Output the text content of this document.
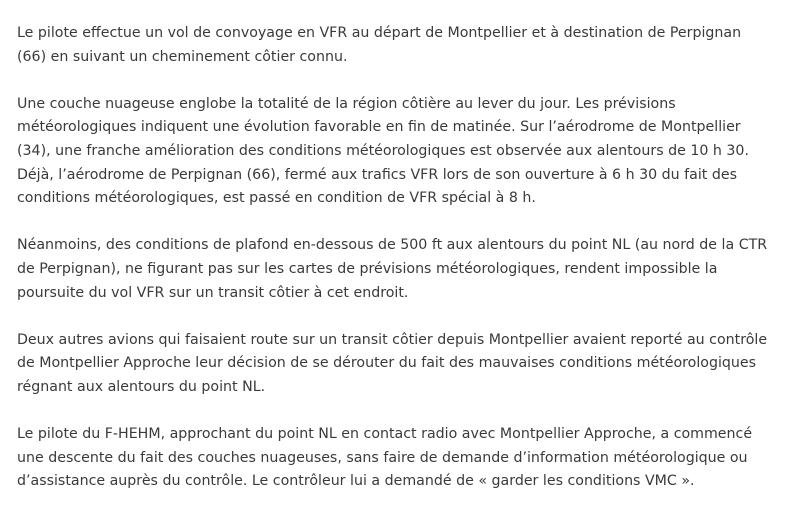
Le pilote effectue un vol de convoyage en VFR au départ de Montpellier et à destination de Perpignan (66) en suivant un cheminement côtier connu.

Une couche nuageuse englobe la totalité de la région côtière au lever du jour. Les prévisions météorologiques indiquent une évolution favorable en fin de matinée. Sur l’aérodrome de Montpellier (34), une franche amélioration des conditions météorologiques est observée aux alentours de 10 h 30. Déjà, l’aérodrome de Perpignan (66), fermé aux trafics VFR lors de son ouverture à 6 h 30 du fait des conditions météorologiques, est passé en condition de VFR spécial à 8 h.

Néanmoins, des conditions de plafond en-dessous de 500 ft aux alentours du point NL (au nord de la CTR de Perpignan), ne figurant pas sur les cartes de prévisions météorologiques, rendent impossible la poursuite du vol VFR sur un transit côtier à cet endroit.

Deux autres avions qui faisaient route sur un transit côtier depuis Montpellier avaient reporté au contrôle de Montpellier Approche leur décision de se dérouter du fait des mauvaises conditions météorologiques régnant aux alentours du point NL.

Le pilote du F-HEHM, approchant du point NL en contact radio avec Montpellier Approche, a commencé une descente du fait des couches nuageuses, sans faire de demande d’information météorologique ou d’assistance auprès du contrôle. Le contrôleur lui a demandé de « garder les conditions VMC ».
